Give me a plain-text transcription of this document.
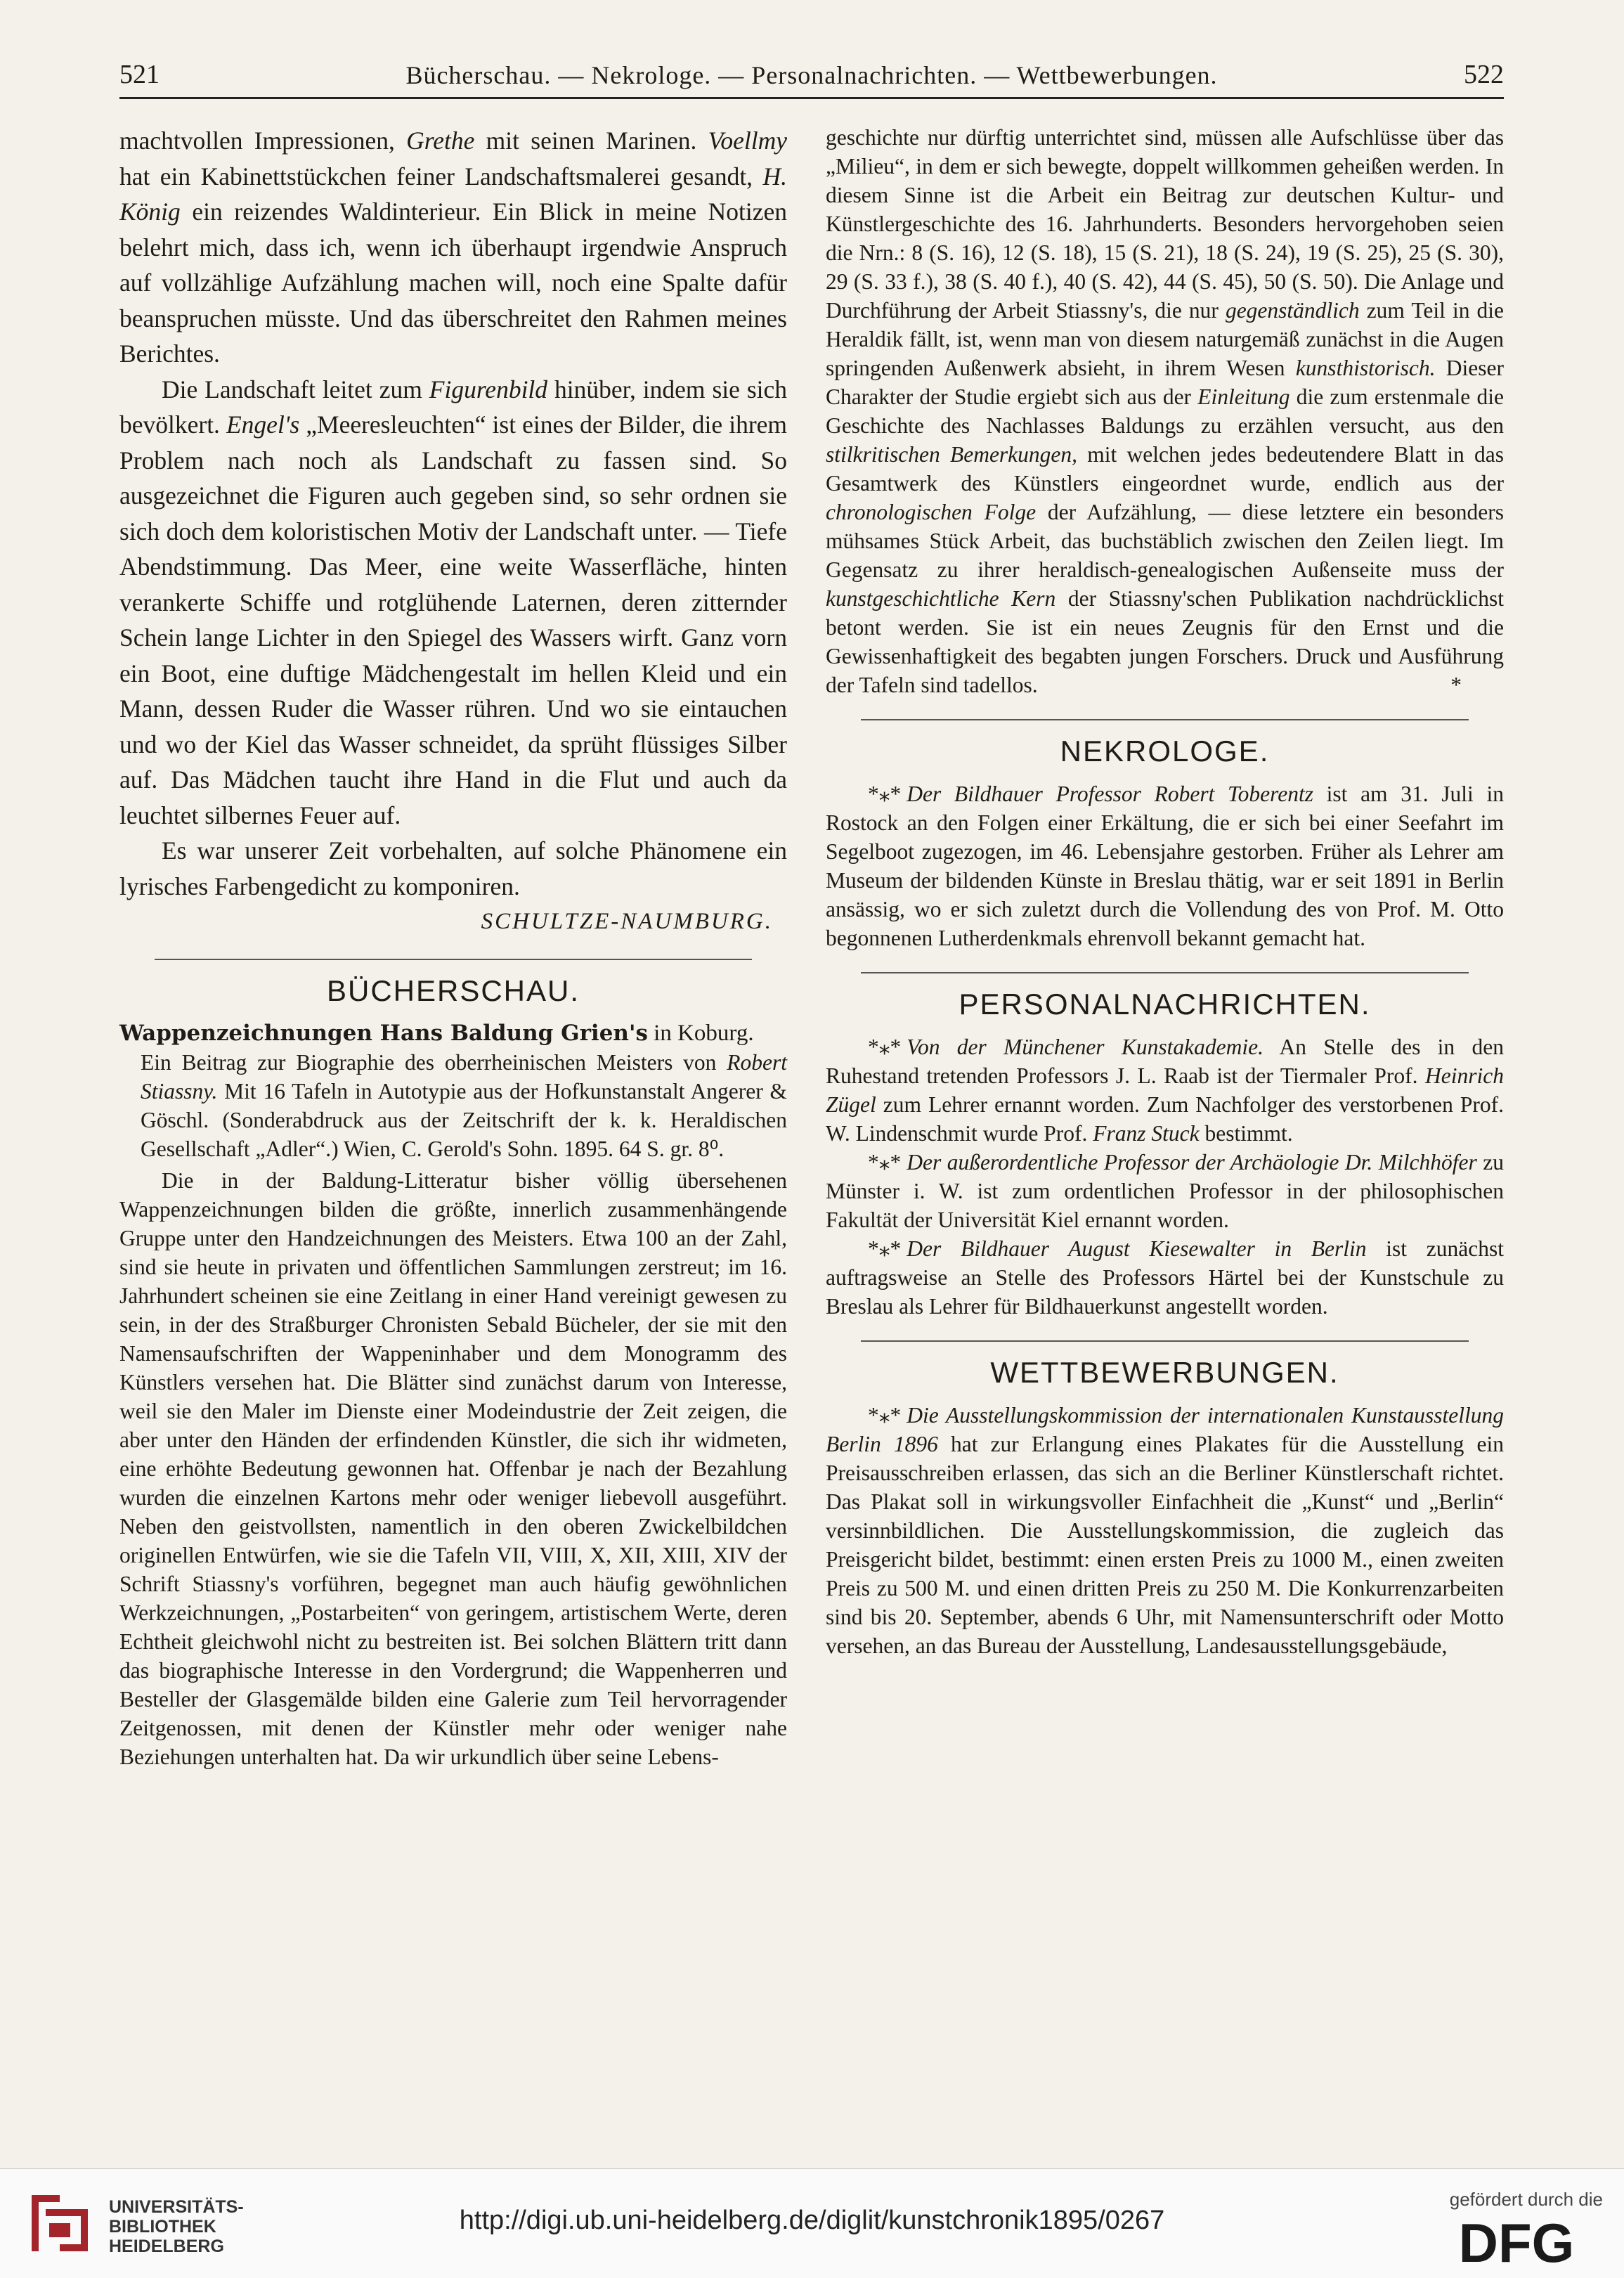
521	Bücherschau. — Nekrologe. — Personalnachrichten. — Wettbewerbungen.	522

machtvollen Impressionen, Grethe mit seinen Marinen. Voellmy hat ein Kabinettstückchen feiner Landschaftsmalerei gesandt, H. König ein reizendes Waldinterieur. Ein Blick in meine Notizen belehrt mich, dass ich, wenn ich überhaupt irgendwie Anspruch auf vollzählige Aufzählung machen will, noch eine Spalte dafür beanspruchen müsste. Und das überschreitet den Rahmen meines Berichtes.

Die Landschaft leitet zum Figurenbild hinüber, indem sie sich bevölkert. Engel's „Meeresleuchten“ ist eines der Bilder, die ihrem Problem nach noch als Landschaft zu fassen sind. So ausgezeichnet die Figuren auch gegeben sind, so sehr ordnen sie sich doch dem koloristischen Motiv der Landschaft unter. — Tiefe Abendstimmung. Das Meer, eine weite Wasserfläche, hinten verankerte Schiffe und rotglühende Laternen, deren zitternder Schein lange Lichter in den Spiegel des Wassers wirft. Ganz vorn ein Boot, eine duftige Mädchengestalt im hellen Kleid und ein Mann, dessen Ruder die Wasser rühren. Und wo sie eintauchen und wo der Kiel das Wasser schneidet, da sprüht flüssiges Silber auf. Das Mädchen taucht ihre Hand in die Flut und auch da leuchtet silbernes Feuer auf.

Es war unserer Zeit vorbehalten, auf solche Phänomene ein lyrisches Farbengedicht zu komponiren.

SCHULTZE-NAUMBURG.
BÜCHERSCHAU.

Wappenzeichnungen Hans Baldung Grien's in Koburg.

Ein Beitrag zur Biographie des oberrheinischen Meisters von Robert Stiassny. Mit 16 Tafeln in Autotypie aus der Hofkunstanstalt Angerer & Göschl. (Sonderabdruck aus der Zeitschrift der k. k. Heraldischen Gesellschaft „Adler“.) Wien, C. Gerold's Sohn. 1895. 64 S. gr. 8⁰.

Die in der Baldung-Litteratur bisher völlig übersehenen Wappenzeichnungen bilden die größte, innerlich zusammenhängende Gruppe unter den Handzeichnungen des Meisters. Etwa 100 an der Zahl, sind sie heute in privaten und öffentlichen Sammlungen zerstreut; im 16. Jahrhundert scheinen sie eine Zeitlang in einer Hand vereinigt gewesen zu sein, in der des Straßburger Chronisten Sebald Bücheler, der sie mit den Namensaufschriften der Wappeninhaber und dem Monogramm des Künstlers versehen hat. Die Blätter sind zunächst darum von Interesse, weil sie den Maler im Dienste einer Modeindustrie der Zeit zeigen, die aber unter den Händen der erfindenden Künstler, die sich ihr widmeten, eine erhöhte Bedeutung gewonnen hat. Offenbar je nach der Bezahlung wurden die einzelnen Kartons mehr oder weniger liebevoll ausgeführt. Neben den geistvollsten, namentlich in den oberen Zwickelbildchen originellen Entwürfen, wie sie die Tafeln VII, VIII, X, XII, XIII, XIV der Schrift Stiassny's vorführen, begegnet man auch häufig gewöhnlichen Werkzeichnungen, „Postarbeiten“ von geringem, artistischem Werte, deren Echtheit gleichwohl nicht zu bestreiten ist. Bei solchen Blättern tritt dann das biographische Interesse in den Vordergrund; die Wappenherren und Besteller der Glasgemälde bilden eine Galerie zum Teil hervorragender Zeitgenossen, mit denen der Künstler mehr oder weniger nahe Beziehungen unterhalten hat. Da wir urkundlich über seine Lebens-

geschichte nur dürftig unterrichtet sind, müssen alle Aufschlüsse über das „Milieu“, in dem er sich bewegte, doppelt willkommen geheißen werden. In diesem Sinne ist die Arbeit ein Beitrag zur deutschen Kultur- und Künstlergeschichte des 16. Jahrhunderts. Besonders hervorgehoben seien die Nrn.: 8 (S. 16), 12 (S. 18), 15 (S. 21), 18 (S. 24), 19 (S. 25), 25 (S. 30), 29 (S. 33 f.), 38 (S. 40 f.), 40 (S. 42), 44 (S. 45), 50 (S. 50). Die Anlage und Durchführung der Arbeit Stiassny's, die nur gegenständlich zum Teil in die Heraldik fällt, ist, wenn man von diesem naturgemäß zunächst in die Augen springenden Außenwerk absieht, in ihrem Wesen kunsthistorisch. Dieser Charakter der Studie ergiebt sich aus der Einleitung die zum erstenmale die Geschichte des Nachlasses Baldungs zu erzählen versucht, aus den stilkritischen Bemerkungen, mit welchen jedes bedeutendere Blatt in das Gesamtwerk des Künstlers eingeordnet wurde, endlich aus der chronologischen Folge der Aufzählung, — diese letztere ein besonders mühsames Stück Arbeit, das buchstäblich zwischen den Zeilen liegt. Im Gegensatz zu ihrer heraldisch-genealogischen Außenseite muss der kunstgeschichtliche Kern der Stiassny'schen Publikation nachdrücklichst betont werden. Sie ist ein neues Zeugnis für den Ernst und die Gewissenhaftigkeit des begabten jungen Forschers. Druck und Ausführung der Tafeln sind tadellos.	*

NEKROLOGE.

*⁎* Der Bildhauer Professor Robert Toberentz ist am 31. Juli in Rostock an den Folgen einer Erkältung, die er sich bei einer Seefahrt im Segelboot zugezogen, im 46. Lebensjahre gestorben. Früher als Lehrer am Museum der bildenden Künste in Breslau thätig, war er seit 1891 in Berlin ansässig, wo er sich zuletzt durch die Vollendung des von Prof. M. Otto begonnenen Lutherdenkmals ehrenvoll bekannt gemacht hat.

PERSONALNACHRICHTEN.

*⁎* Von der Münchener Kunstakademie. An Stelle des in den Ruhestand tretenden Professors J. L. Raab ist der Tiermaler Prof. Heinrich Zügel zum Lehrer ernannt worden. Zum Nachfolger des verstorbenen Prof. W. Lindenschmit wurde Prof. Franz Stuck bestimmt.

*⁎* Der außerordentliche Professor der Archäologie Dr. Milchhöfer zu Münster i. W. ist zum ordentlichen Professor in der philosophischen Fakultät der Universität Kiel ernannt worden.

*⁎* Der Bildhauer August Kiesewalter in Berlin ist zunächst auftragsweise an Stelle des Professors Härtel bei der Kunstschule zu Breslau als Lehrer für Bildhauerkunst angestellt worden.

WETTBEWERBUNGEN.

*⁎* Die Ausstellungskommission der internationalen Kunstausstellung Berlin 1896 hat zur Erlangung eines Plakates für die Ausstellung ein Preisausschreiben erlassen, das sich an die Berliner Künstlerschaft richtet. Das Plakat soll in wirkungsvoller Einfachheit die „Kunst“ und „Berlin“ versinnbildlichen. Die Ausstellungskommission, die zugleich das Preisgericht bildet, bestimmt: einen ersten Preis zu 1000 M., einen zweiten Preis zu 500 M. und einen dritten Preis zu 250 M. Die Konkurrenzarbeiten sind bis 20. September, abends 6 Uhr, mit Namensunterschrift oder Motto versehen, an das Bureau der Ausstellung, Landesausstellungsgebäude,

UNIVERSITÄTS-
BIBLIOTHEK
HEIDELBERG
http://digi.ub.uni-heidelberg.de/diglit/kunstchronik1895/0267
gefördert durch die
DFG
